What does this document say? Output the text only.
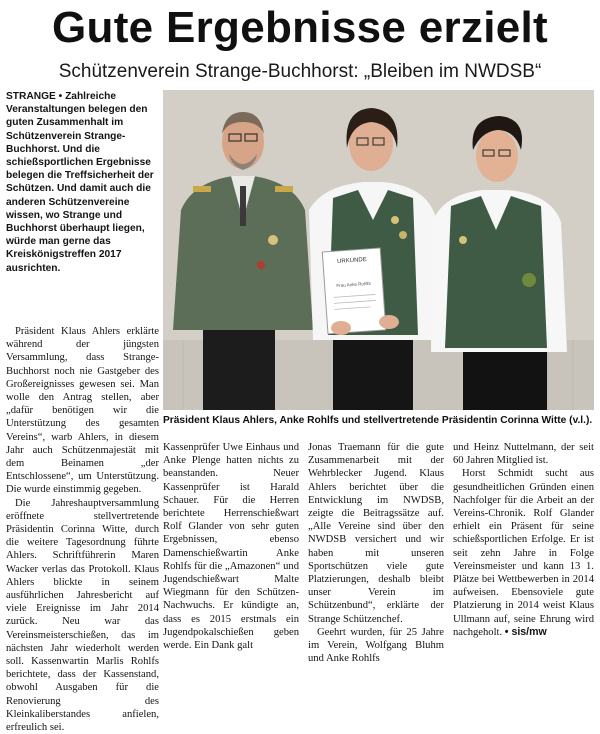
Gute Ergebnisse erzielt
Schützenverein Strange-Buchhorst: „Bleiben im NWDSB“
STRANGE • Zahlreiche Veranstaltungen belegen den guten Zusammenhalt im Schützenverein Strange-Buchhorst. Und die schießsportlichen Ergebnisse belegen die Treffsicherheit der Schützen. Und damit auch die anderen Schützenvereine wissen, wo Strange und Buchhorst überhaupt liegen, würde man gerne das Kreiskönigstreffen 2017 ausrichten.

Präsident Klaus Ahlers erklärte während der jüngsten Versammlung, dass Strange-Buchhorst noch nie Gastgeber des Großereignisses gewesen sei. Man wolle den Antrag stellen, aber „dafür benötigen wir die Unterstützung des gesamten Vereins“, warb Ahlers, in diesem Jahr auch Schützenmajestät mit dem Beinamen „der Entschlossene“, um Unterstützung. Die wurde einstimmig gegeben.

Die Jahreshauptversammlung eröffnete stellvertretende Präsidentin Corinna Witte, durch die weitere Tagesordnung führte Ahlers. Schriftführerin Maren Wacker verlas das Protokoll. Klaus Ahlers blickte in seinem ausführlichen Jahresbericht auf viele Ereignisse im Jahr 2014 zurück. Neu war das Vereinsmeisterschießen, das im nächsten Jahr wiederholt werden soll. Kassenwartin Marlis Rohlfs berichtete, dass der Kassenstand, obwohl Ausgaben für die Renovierung des Kleinkaliberstandes anfielen, erfreulich sei.

URKUNDE
Frau Anke Rohlfs
Präsident Klaus Ahlers, Anke Rohlfs und stellvertretende Präsidentin Corinna Witte (v.l.).

Kassenprüfer Uwe Einhaus und Anke Plenge hatten nichts zu beanstanden. Neuer Kassenprüfer ist Harald Schauer. Für die Herren berichtete Herrenschießwart Rolf Glander von sehr guten Ergebnissen, ebenso Damenschießwartin Anke Rohlfs für die „Amazonen“ und Jugendschießwart Malte Wiegmann für den Schützen-Nachwuchs. Er kündigte an, dass es 2015 erstmals ein Jugendpokalschießen geben werde. Ein Dank galt

Jonas Traemann für die gute Zusammenarbeit mit der Wehrblecker Jugend. Klaus Ahlers berichtet über die Entwicklung im NWDSB, zeigte die Beitragssätze auf. „Alle Vereine sind über den NWDSB versichert und wir haben mit unseren Sportschützen viele gute Platzierungen, deshalb bleibt unser Verein im Schützenbund“, erklärte der Strange Schützenchef.

Geehrt wurden, für 25 Jahre im Verein, Wolfgang Bluhm und Anke Rohlfs

und Heinz Nuttelmann, der seit 60 Jahren Mitglied ist.

Horst Schmidt sucht aus gesundheitlichen Gründen einen Nachfolger für die Arbeit an der Vereins-Chronik. Rolf Glander erhielt ein Präsent für seine schießsportlichen Erfolge. Er ist seit zehn Jahre in Folge Vereinsmeister und kann 13 1. Plätze bei Wettbewerben in 2014 aufweisen. Ebensoviele gute Platzierung in 2014 weist Klaus Ullmann auf, seine Ehrung wird nachgeholt. • sis/mw
